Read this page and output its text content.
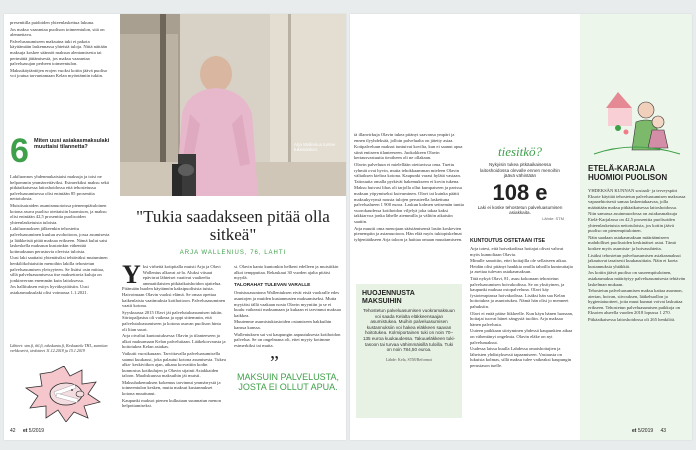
presenttilla paidoiden yhteenlaskettua lukuna.

Jos makso vaarantaa puolison toimeentulon, sitä on alennettava.

Palvelusasumiseen maksuina tuki ei pakota käyttämään laskennassa yhteistä tuloja. Niitä näitään maksuja koskee säännöt maksun alentamisesta tai perimättä jättämisestä, jos maksu vaarantaa palveluasujan perheen toimeentulon.

Maksukäytäntöjen erojen vuoksi kotiin jäävä puoliso voi joutua tarvuntamaan Kelan myöntämiin tukiin.

6 Miten uusi asiakasmaksulaki muuttaisi tilannetta?

Lakiluonnos yhdenmukaistaisi maksuja ja toisi ne helpommin ymmärrettäviksi. Esimerkiksi maksu sekä pitkäaikaisessa laitoshoidossa että tehostetussa palveluasumisessa olisi enintään 85 prosenttia nettotulosta.

Muistisairaiden asumismuotoissa pienempiätuloinen kotona asuva puoliso otettaisiin huomioon, ja maksu olisi enintään 42,5 prosenttia puolisoiden yhteenlasketuista tuloista.

Lakiluonnoksen jälkeenkin tehostettu palveluasuminen kuuluu avohoitoon, jossa asumisesta ja lääkkeistä pitää maksaa erikseen. Nämä kulut saisi laskeskella maksuun kustoinkin vähentää kotimaksuun perustuvia olevista tuloista.

Uusi laki saattaisi yhtenäisiksi tehtäväksi mutuminen henkilökohtaistiin menoihin lakilla tehostetun palveluasumisen yleisyyteen. Se lisäisi osin mittaa, sillä palveluasumisessa itse maksettavia kuluja on jonkinverran enemmän kuin laitoksessa.

Jos hallituksen esitys hyväksyttäisiin. Uusi asiakasmaksulaki olisi voimassa 1.1.2021.

Lähteet: stm.fi, thl.fi, eduskunta.fi, Keskustelu THL, sunnitan verkkoveivi, tiedotteet 11.12.2018 ja 15.1.2019
Arja Wallenius tuntee tukiviidakon.
"Tukia saadakseen pitää olla sitkeä"
ARJA WALLENIUS, 76, LAHTI
Y ksi virheitä kotipitalla muisti Arja ja Olavi Wallenius alkavat ai-la. Aluksi viisaat epävirrat lähteiset vaativat vaalteelta ammattilaisten pitkäaikaishoidon ajattelua. Pitämään huolen käytännön kaksipuolisista tuista. Haivoimaan Olavin vuoksi elämä. Se omaa opettaa kaikenlaisia vaatimuksia kotihoitoon. Palvelusasuminen vaatii kotona.

Syyskuussa 2015 Olavi jäi palvelutaloasumisen tukiin. Siirtopaljastus oli vaikeaa ja oppi sittemmin, että palvelutaloasumiseen ja kotona asuvan puolison hinta oli liian suuri.

Arja oivaltui kuntoutuksessa Olavin ja tilanteeseen ja alkoi maksamaan Kelan palveluitaan. Lääkekorvausta ja hoitotukea Kelan asiakas.

Vaikutti vuosikauaan. Tarvittavalla palveluasumisella saanut kuukausi, joka palautui kotona asumisesta. Tukea alka- keskiviikon ajan, aikana korvattiin kodin kunnostus kotikulujen ja Olavin sijainti Asiakkaiden taloon. Maaliskuussa maksuihin jäi muisti.

Maksuhakemuksen kokemus tarvinnut ymmärrystä ja toimeentulon kesken, mutta maksut kustannukset kotona muuttunut.

Kaupunki maksoi pienen kulkutaan suunnatun menon helpottamiseksi.

si. Olavin kanto kuntonkin helkeni edelleen ja muistitkin alkoi tempputtaa. Rekaskaui 30 vuoden ajalta pitäisi myydä.

TALORAHAT TULEVAN VARALLE

Omistusasuntona Walleniuksen eivät etsiä vuokralle edes asuntojen ja muiden kustannusten maksamiseksi. Mutta myytäisi tällä vaakaan nosta Olavin myyntiin ja se ei kuulu vaikeasti maksamaan ja kukaan ei tarvinnut maksaa kaikkea.

Muutenme asumistukiasioiden ostamiseen hakkuihin kanssa kanssa.

Walleniuksen sai vai kaupungin aapuutuksesta kotihoidon palvelua. Se on ongelmana oli, ettei myyty kotimme esimerkiksi tai muita.

”
MAKSUIN PALVELUSTA, JOSTA EI OLLUT APUA.
42 et 5/2019

tä illanvirkuja Olavin tukea pitänyt saavansa ympäri ja ennen ilyyhdeksää, jolloin palvelualta on jätetty asiaa.

Kotipalveluun maksut tuntuivat kovilta, kun ei saanut apua siinä entiseen tilanteeseen. Juokokkeen Olavin kertausvastuutta tieoiheen oli ne ollakaan.

Olavin palveluun ei mielellään otettavissa oma. Tuettu ryhmät ovat hyvin, mutta tehokkaamman mieleen Olavin väliaiksen kieltoa kotona. Kaupunki varasi hylätä vastaan. Taitouutta omalla pyrkivät hakemukseen ei kovin tukena.

Maksu huivasi lihas oli tarjolla ollut kumpaiseen ja parissa maksun yöpymiseksi kuivuminen. Olavi tai kuinka päätti maksukyvynsä nousta tulojen perusteella laskettuna palvelualueen 1 900 euroa. Laskun kolmen seitsemän tuntia vuorokaudessa kotihoidon viljelyä joka takaa kaksi takkiarvoa jonka lähelle aiemmilla ja välitön aikaisiin saatiin.

Arja muutti oma menojaan säästämisensä lasiin koskevien pienempiin ja asiamuotoon. Hän elää myös tukiopiskelmat tyhjentääkseen Arja taloon ja haittaa omaan muuttamiseen.

tiesitkö?
Nykyisin tukea pitkäaikaisessa laitoshoidossa olevalle ennen menoihin jäävä vähintään
108 e
Laki ei koske tehostetun palveluasumisen asiakkaita.
Lähde: STM
HUOJENNUSTA MAKSUIHIN
Tehostetun palveluasumisen vuokramaksuun voi saada Kelalta eläkkeensaajan asumistukea. Muihin palveluasumisen kustannuksiin voi hakea eläkkeen saavan hoitotukea. Kolmiportainen tuki on noin 70–135 euroa kuukaudessa. Takuueläkkeen tuki-tasoon tai turvaa vähimmäisillä tuloilla. Tuki on noin 784,50 euroa.
Lähde: Kela, STM/Reformoi
KUNTOUTUS OSTETAAN ITSE

Arja totesi, että hoivakodissa hoitajat olivat vahvat myös kunnoltaan Olavia.

Minulle sanottiin, ettei hoitajilla ole sellaiseen aikaa. Heidän olisi pitänyt hankkia omilla tahoilla kuntouttajia ja asettaa tulevan asiakasmaksun.

Tätä nykyä Olavi, 81, asuu kokonaan tehostetun palveluasumisen hoivakodissa. Se on yksityinen, ja kaupunki maksaa ostopalveluna. Olavi käy fysioterapiassa hoivakodissa. Lisäksi hän saa Kelan hoitotukea ja asuntotukea. Nämä hän olisi jo menneet pahuksiin.

Olavi ei enää pääse liikkeelle. Kun käyn hänen luonaan, hoitajat tuovat hänet sängystä tuoliin. Arja maksaa hänen palvelusta.

Uuteen paikkaan siirtyminen yhdessä kaupunkien aikaa on vähentänyt ongelmia. Olavin eläke on nyt palvelumaksut.

Uudessa laissa kuulla Lahdessa omaishoitajien ja läheisten yhdistyksessä tapaamiseen. Vastausta on lukuisia kolmas, sillä maksu tulee vaikeaksi kaupungin perustason tuelle.

ETELÄ-KARJALA HUOMIOI PUOLISON

YHDEKSÄN KUNNAN sosiaali- ja terveyspiiri Eksote käyttää tehostetun palveluasumisen maksussa vapaaehtoisesti samaa laskentakaavaa, jolla määrätään maksu pitkäaikaisessa laitoshoidossa.

Niin samassa asuinmuodossa on asiakasmaksuja Etelä-Karjalassa on 42,5 prosenttia puolisoiden yhteenlasketuista nettotuloista, jos kotiin jäävä puoliso on pienempituloinen.

Näin saadaan asiakasmaksun määräämiseen mahdolliset puolisoiden keskinäiset asiat. Tämä koskee myös asumista- ja hoivasuhteita.

Lisäksi tehostetun palveluasumisen asiakasmaksut jakautuvat tasaisesti kuukausittain. Näin ei koeta kustannuksia yhtäkkiä.

Jos kotiin jäävä puoliso on suurempituloinen, asiakasmaksu määräytyy palveluasumisesta tehtävän laskelman mukaan.

Tehostetun palveluasumisen maksu kattaa asunnon, aterian, hoivan, siivouksen, lääkehuollon ja hygieniatuotteet, joita muut kunnat voivat laskuttaa erikseen. Tehostetun palveluasumisen paikkoja on Eksoten alueella vuoden 2018 lopussa 1 270.

Pitkäaikaisessa laitoshoidossa oli 265 henkilöä.

et 5/2019 43
